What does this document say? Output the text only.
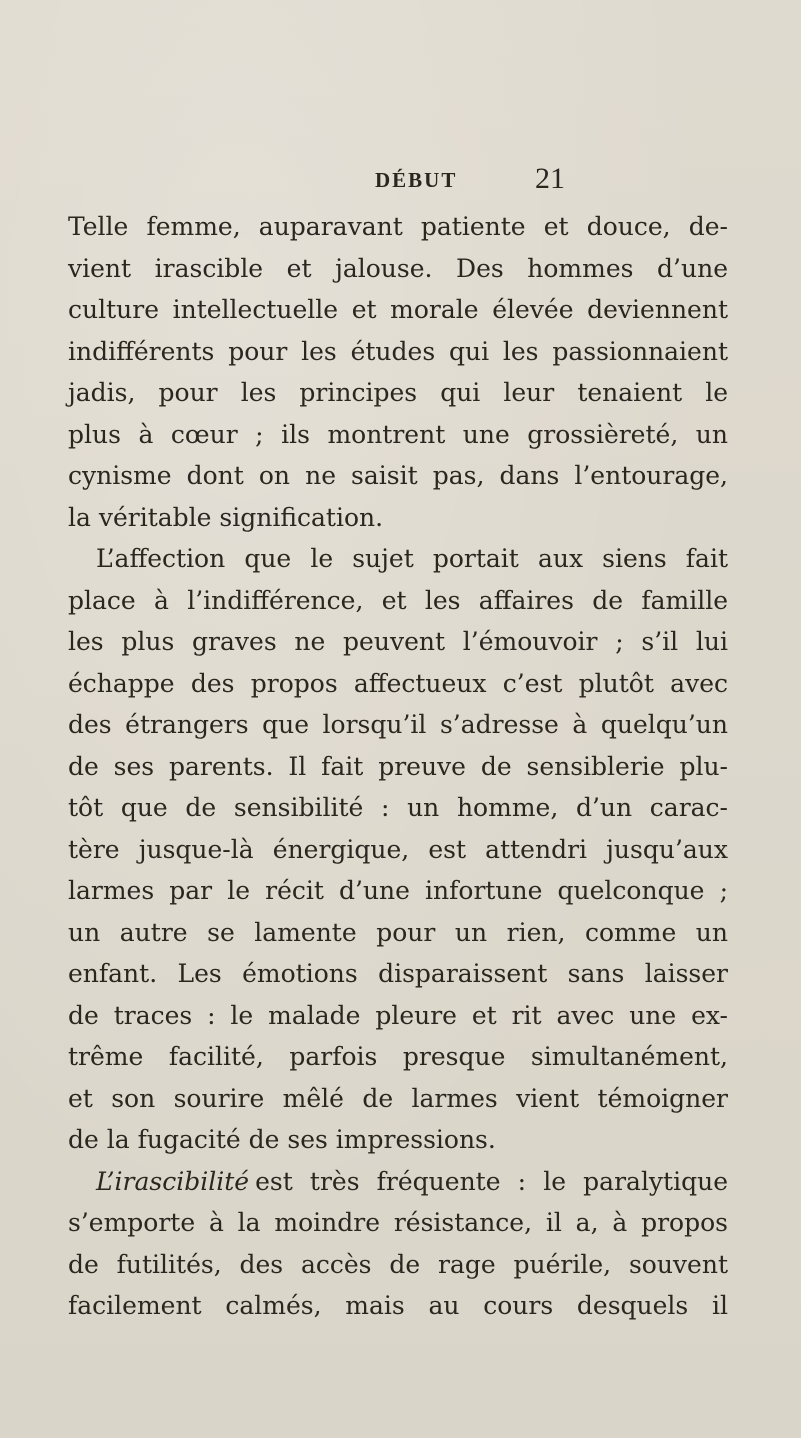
DÉBUT	21
Telle femme, auparavant patiente et douce, de-
vient irascible et jalouse. Des hommes d’une
culture intellectuelle et morale élevée deviennent
indifférents pour les études qui les passionnaient
jadis, pour les principes qui leur tenaient le
plus à cœur ; ils montrent une grossièreté, un
cynisme dont on ne saisit pas, dans l’entourage,
la véritable signification.
L’affection que le sujet portait aux siens fait
place à l’indifférence, et les affaires de famille
les plus graves ne peuvent l’émouvoir ; s’il lui
échappe des propos affectueux c’est plutôt avec
des étrangers que lorsqu’il s’adresse à quelqu’un
de ses parents. Il fait preuve de sensiblerie plu-
tôt que de sensibilité : un homme, d’un carac-
tère jusque-là énergique, est attendri jusqu’aux
larmes par le récit d’une infortune quelconque ;
un autre se lamente pour un rien, comme un
enfant. Les émotions disparaissent sans laisser
de traces : le malade pleure et rit avec une ex-
trême facilité, parfois presque simultanément,
et son sourire mêlé de larmes vient témoigner
de la fugacité de ses impressions.
L’irascibilité est très fréquente : le paralytique
s’emporte à la moindre résistance, il a, à propos
de futilités, des accès de rage puérile, souvent
facilement calmés, mais au cours desquels il
